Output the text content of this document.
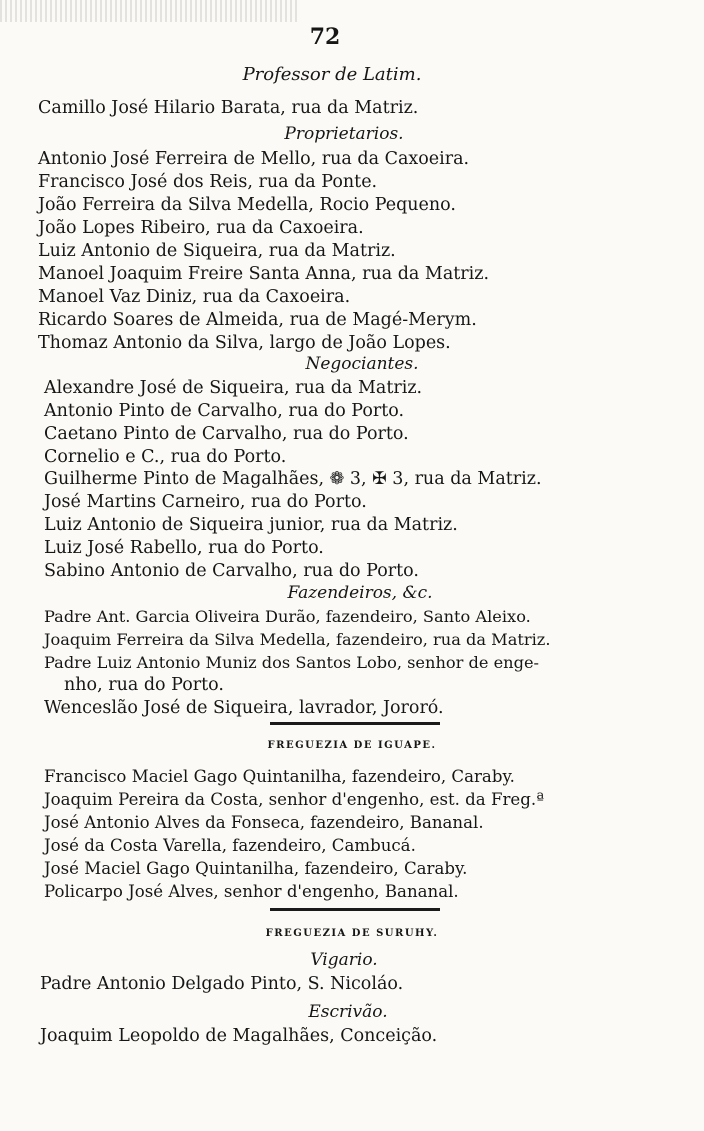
72
Professor de Latim.
Camillo José Hilario Barata, rua da Matriz.
Proprietarios.
Antonio José Ferreira de Mello, rua da Caxoeira.
Francisco José dos Reis, rua da Ponte.
João Ferreira da Silva Medella, Rocio Pequeno.
João Lopes Ribeiro, rua da Caxoeira.
Luiz Antonio de Siqueira, rua da Matriz.
Manoel Joaquim Freire Santa Anna, rua da Matriz.
Manoel Vaz Diniz, rua da Caxoeira.
Ricardo Soares de Almeida, rua de Magé-Merym.
Thomaz Antonio da Silva, largo de João Lopes.
Negociantes.
Alexandre José de Siqueira, rua da Matriz.
Antonio Pinto de Carvalho, rua do Porto.
Caetano Pinto de Carvalho, rua do Porto.
Cornelio e C., rua do Porto.
Guilherme Pinto de Magalhães, ❁ 3, ✠ 3, rua da Matriz.
José Martins Carneiro, rua do Porto.
Luiz Antonio de Siqueira junior, rua da Matriz.
Luiz José Rabello, rua do Porto.
Sabino Antonio de Carvalho, rua do Porto.
Fazendeiros, &c.
Padre Ant. Garcia Oliveira Durão, fazendeiro, Santo Aleixo.
Joaquim Ferreira da Silva Medella, fazendeiro, rua da Matriz.
Padre Luiz Antonio Muniz dos Santos Lobo, senhor de enge-
nho, rua do Porto.
Wenceslão José de Siqueira, lavrador, Jororó.
FREGUEZIA DE IGUAPE.
Francisco Maciel Gago Quintanilha, fazendeiro, Caraby.
Joaquim Pereira da Costa, senhor d'engenho, est. da Freg.ª
José Antonio Alves da Fonseca, fazendeiro, Bananal.
José da Costa Varella, fazendeiro, Cambucá.
José Maciel Gago Quintanilha, fazendeiro, Caraby.
Policarpo José Alves, senhor d'engenho, Bananal.
FREGUEZIA DE SURUHY.
Vigario.
Padre Antonio Delgado Pinto, S. Nicoláo.
Escrivão.
Joaquim Leopoldo de Magalhães, Conceição.
